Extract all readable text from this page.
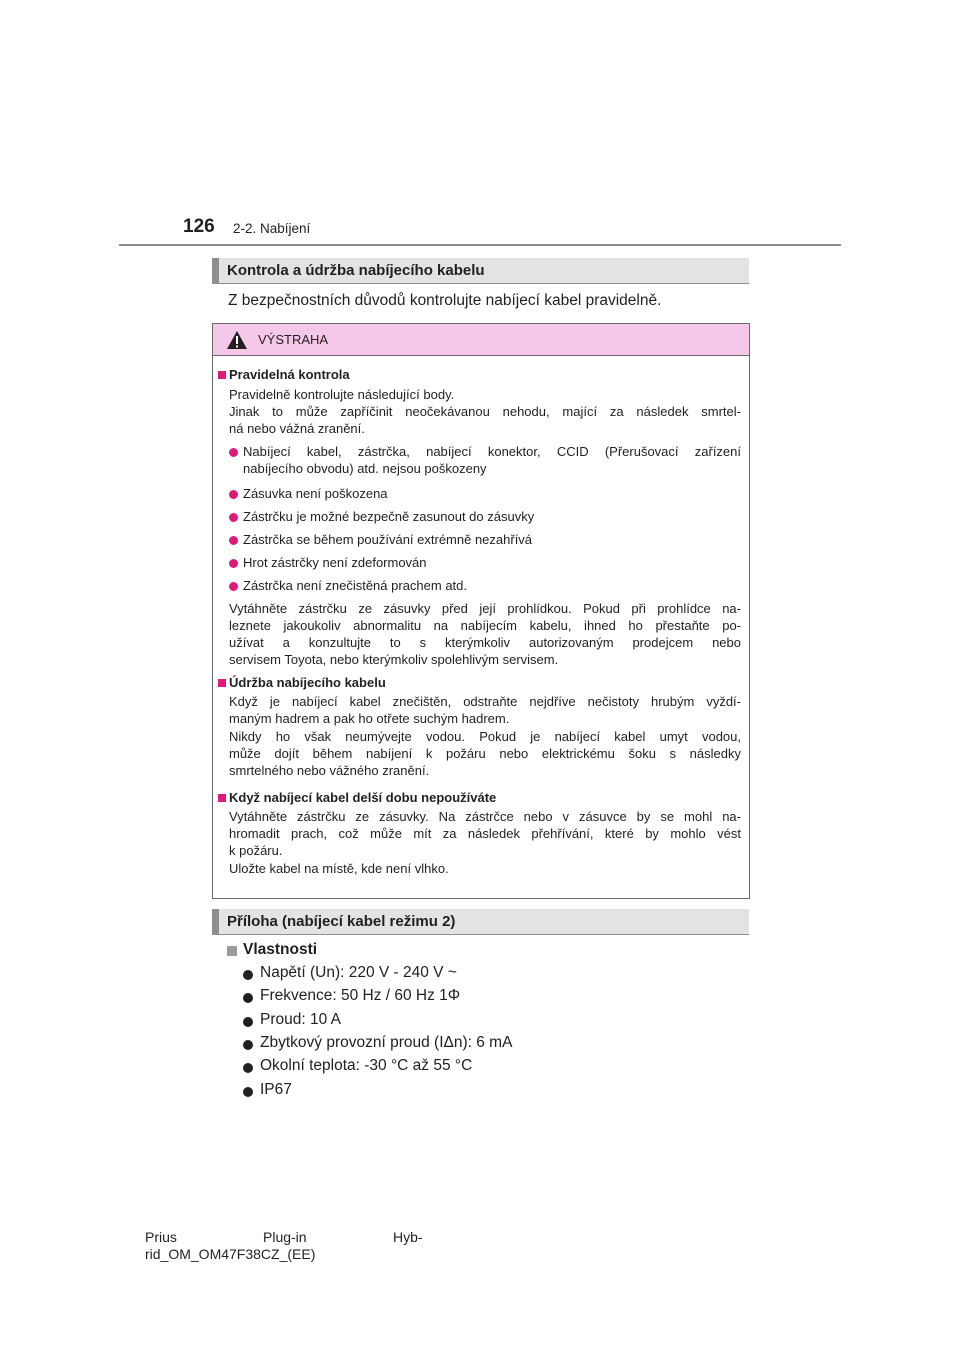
126 2-2. Nabíjení
Kontrola a údržba nabíjecího kabelu
Z bezpečnostních důvodů kontrolujte nabíjecí kabel pravidelně.
VÝSTRAHA
Pravidelná kontrola
Pravidelně kontrolujte následující body.
Jinak to může zapříčinit neočekávanou nehodu, mající za následek smrtel-
ná nebo vážná zranění.
Nabíjecí kabel, zástrčka, nabíjecí konektor, CCID (Přerušovací zařízení
nabíjecího obvodu) atd. nejsou poškozeny
Zásuvka není poškozena
Zástrčku je možné bezpečně zasunout do zásuvky
Zástrčka se během používání extrémně nezahřívá
Hrot zástrčky není zdeformován
Zástrčka není znečistěná prachem atd.
Vytáhněte zástrčku ze zásuvky před její prohlídkou. Pokud při prohlídce na-
leznete jakoukoliv abnormalitu na nabíjecím kabelu, ihned ho přestaňte po-
užívat a konzultujte to s kterýmkoliv autorizovaným prodejcem nebo
servisem Toyota, nebo kterýmkoliv spolehlivým servisem.
Údržba nabíjecího kabelu
Když je nabíjecí kabel znečištěn, odstraňte nejdříve nečistoty hrubým vyždí-
maným hadrem a pak ho otřete suchým hadrem.
Nikdy ho však neumývejte vodou. Pokud je nabíjecí kabel umyt vodou,
může dojít během nabíjení k požáru nebo elektrickému šoku s následky
smrtelného nebo vážného zranění.
Když nabíjecí kabel delší dobu nepoužíváte
Vytáhněte zástrčku ze zásuvky. Na zástrčce nebo v zásuvce by se mohl na-
hromadit prach, což může mít za následek přehřívání, které by mohlo vést
k požáru.
Uložte kabel na místě, kde není vlhko.
Příloha (nabíjecí kabel režimu 2)
Vlastnosti
Napětí (Un): 220 V - 240 V ~
Frekvence: 50 Hz / 60 Hz 1Φ
Proud: 10 A
Zbytkový provozní proud (IΔn): 6 mA
Okolní teplota: -30 °C až 55 °C
IP67
Prius	Plug-in	Hyb-
rid_OM_OM47F38CZ_(EE)
